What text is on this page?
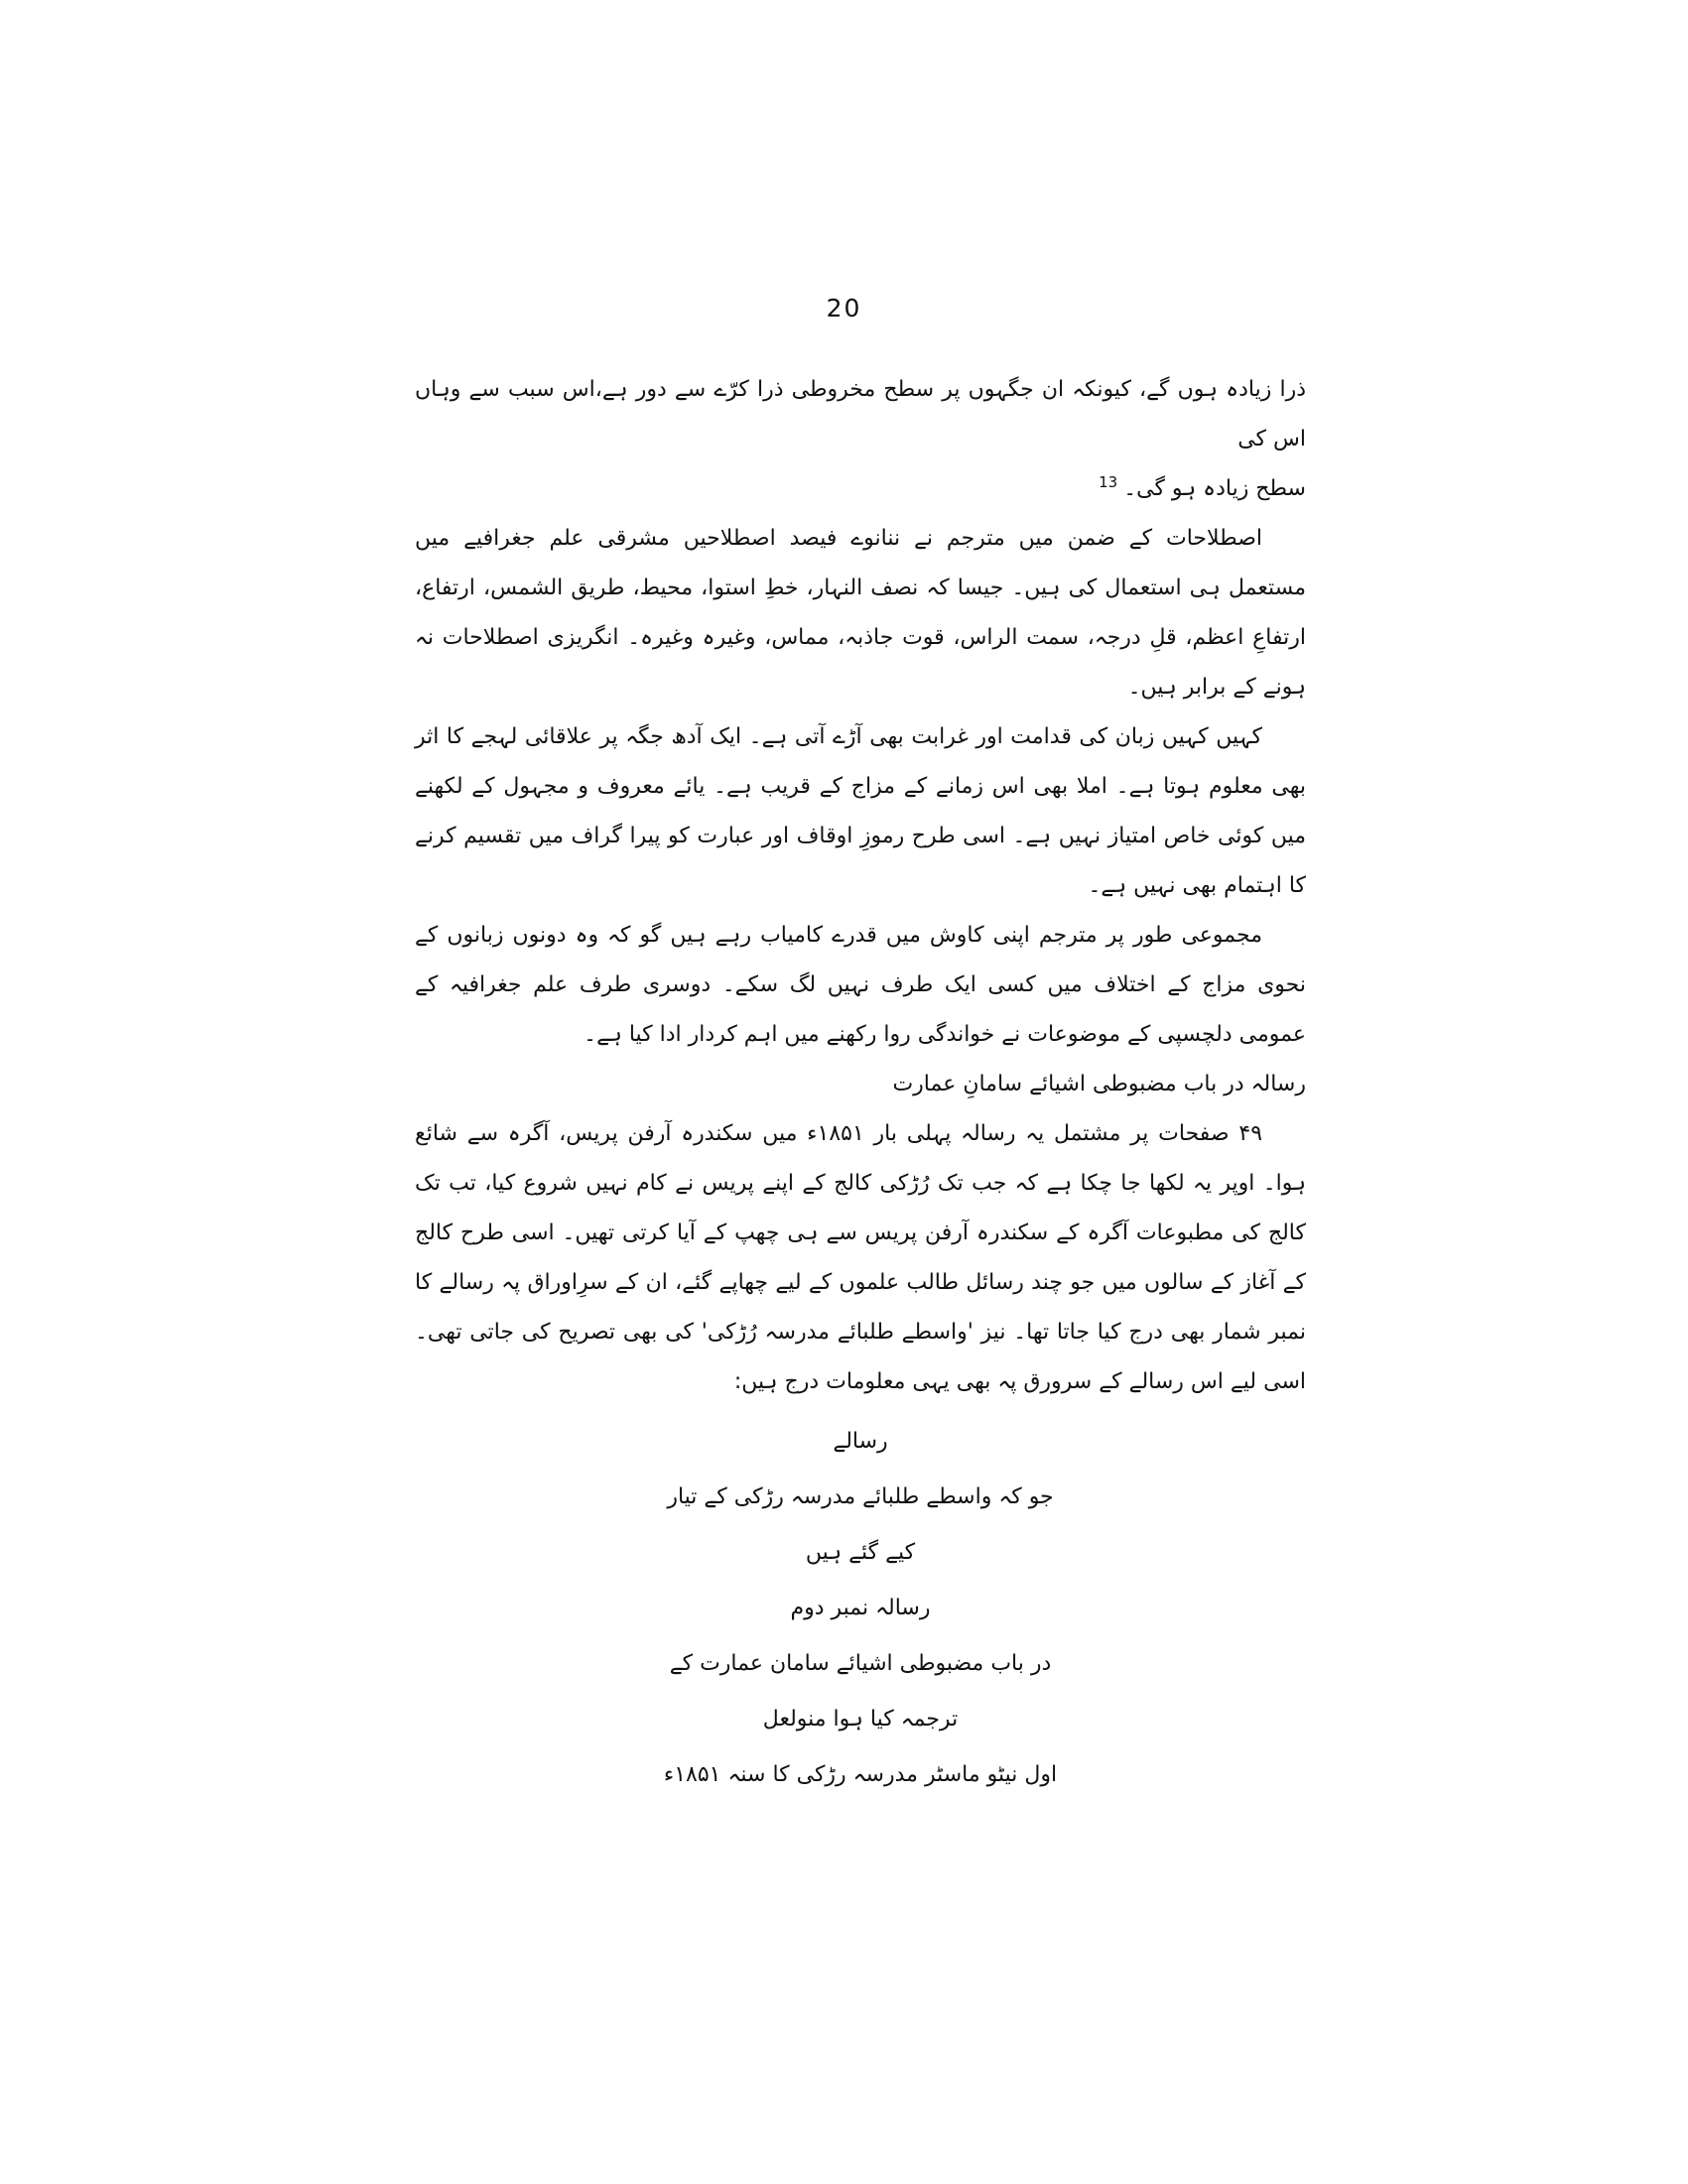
20

ذرا زیادہ ہوں گے، کیونکہ ان جگہوں پر سطح مخروطی ذرا کرّے سے دور ہے،اس سبب سے وہاں اس کی
سطح زیادہ ہو گی۔$^{13}$

اصطلاحات کے ضمن میں مترجم نے ننانوے فیصد اصطلاحیں مشرقی علم جغرافیے میں مستعمل ہی استعمال کی ہیں۔ جیسا کہ نصف النہار، خطِ استوا، محیط، طریق الشمس، ارتفاع، ارتفاعِ اعظم، قلِ درجہ، سمت الراس، قوت جاذبہ، مماس، وغیرہ وغیرہ۔ انگریزی اصطلاحات نہ ہونے کے برابر ہیں۔

کہیں کہیں زبان کی قدامت اور غرابت بھی آڑے آتی ہے۔ ایک آدھ جگہ پر علاقائی لہجے کا اثر بھی معلوم ہوتا ہے۔ املا بھی اس زمانے کے مزاج کے قریب ہے۔ یائے معروف و مجہول کے لکھنے میں کوئی خاص امتیاز نہیں ہے۔ اسی طرح رموزِ اوقاف اور عبارت کو پیرا گراف میں تقسیم کرنے کا اہتمام بھی نہیں ہے۔

مجموعی طور پر مترجم اپنی کاوش میں قدرے کامیاب رہے ہیں گو کہ وہ دونوں زبانوں کے نحوی مزاج کے اختلاف میں کسی ایک طرف نہیں لگ سکے۔ دوسری طرف علم جغرافیہ کے عمومی دلچسپی کے موضوعات نے خواندگی روا رکھنے میں اہم کردار ادا کیا ہے۔

رسالہ در باب مضبوطی اشیائے سامانِ عمارت

۴۹ صفحات پر مشتمل یہ رسالہ پہلی بار ۱۸۵۱ء میں سکندرہ آرفن پریس، آگرہ سے شائع ہوا۔ اوپر یہ لکھا جا چکا ہے کہ جب تک رُڑکی کالج کے اپنے پریس نے کام نہیں شروع کیا، تب تک کالج کی مطبوعات آگرہ کے سکندرہ آرفن پریس سے ہی چھپ کے آیا کرتی تھیں۔ اسی طرح کالج کے آغاز کے سالوں میں جو چند رسائل طالب علموں کے لیے چھاپے گئے، ان کے سرِاوراق پہ رسالے کا نمبر شمار بھی درج کیا جاتا تھا۔ نیز 'واسطے طلبائے مدرسہ رُڑکی' کی بھی تصریح کی جاتی تھی۔ اسی لیے اس رسالے کے سرورق پہ بھی یہی معلومات درج ہیں:

رسالے
جو کہ واسطے طلبائے مدرسہ رڑکی کے تیار
کیے گئے ہیں
رسالہ نمبر دوم
در باب مضبوطی اشیائے سامان عمارت کے
ترجمہ کیا ہوا منولعل
اول نیٹو ماسٹر مدرسہ رڑکی کا سنہ ۱۸۵۱ء
